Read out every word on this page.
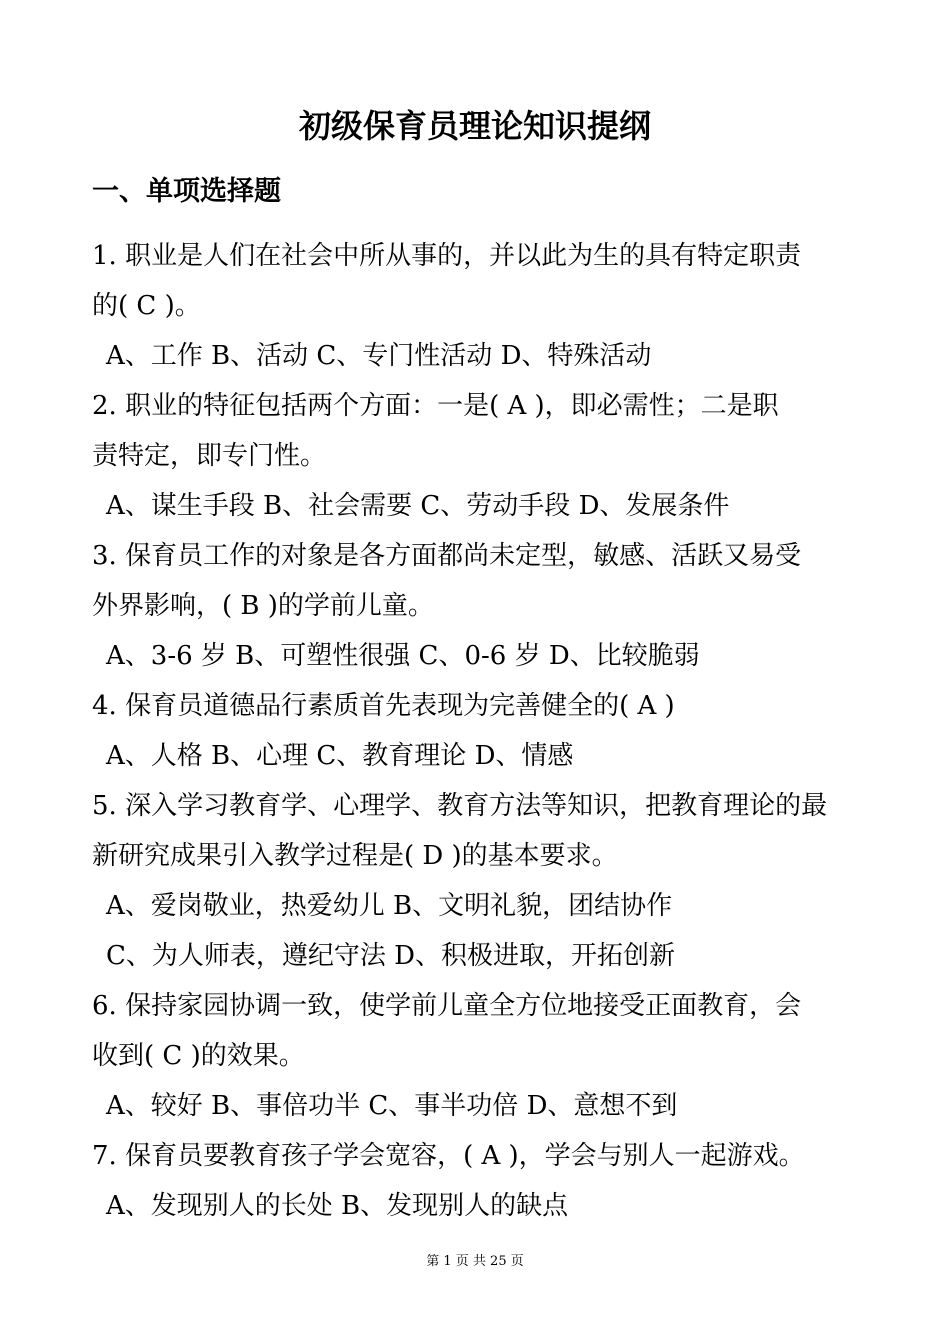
初级保育员理论知识提纲
一、单项选择题
1. 职业是人们在社会中所从事的，并以此为生的具有特定职责
的( C )。
A、工作 B、活动 C、专门性活动 D、特殊活动
2. 职业的特征包括两个方面：一是( A )，即必需性；二是职
责特定，即专门性。
A、谋生手段 B、社会需要 C、劳动手段 D、发展条件
3. 保育员工作的对象是各方面都尚未定型，敏感、活跃又易受
外界影响，( B )的学前儿童。
A、3-6 岁 B、可塑性很强 C、0-6 岁 D、比较脆弱
4. 保育员道德品行素质首先表现为完善健全的( A )
A、人格 B、心理 C、教育理论 D、情感
5. 深入学习教育学、心理学、教育方法等知识，把教育理论的最
新研究成果引入教学过程是( D )的基本要求。
A、爱岗敬业，热爱幼儿 B、文明礼貌，团结协作
C、为人师表，遵纪守法 D、积极进取，开拓创新
6. 保持家园协调一致，使学前儿童全方位地接受正面教育，会
收到( C )的效果。
A、较好 B、事倍功半 C、事半功倍 D、意想不到
7. 保育员要教育孩子学会宽容，( A )，学会与别人一起游戏。
A、发现别人的长处 B、发现别人的缺点
第 1 页 共 25 页
